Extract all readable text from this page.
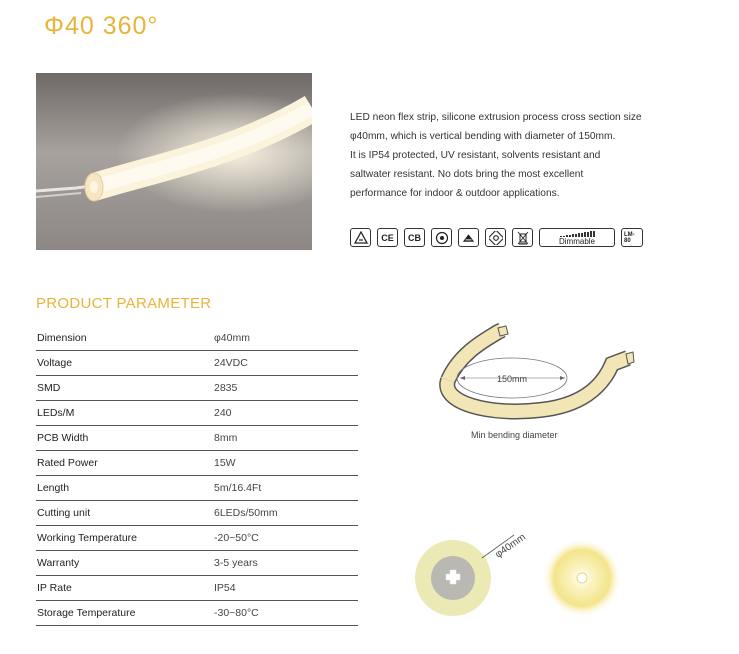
Φ40 360°

LED neon flex strip, silicone extrusion process cross section size

φ40mm, which is vertical bending with diameter of 150mm.

It is IP54 protected, UV resistant, solvents resistant and

saltwater resistant. No dots bring the most excellent

performance for indoor & outdoor applications.

CE	CB	Dimmable
LM-80
PRODUCT PARAMETER
Dimension	φ40mm
Voltage	24VDC
SMD	2835
LEDs/M	240
PCB Width	8mm
Rated Power	15W
Length	5m/16.4Ft
Cutting unit	6LEDs/50mm
Working Temperature	-20~50°C
Warranty	3-5 years
IP Rate	IP54
Storage Temperature	-30~80°C
150mm
Min bending diameter
φ40mm
